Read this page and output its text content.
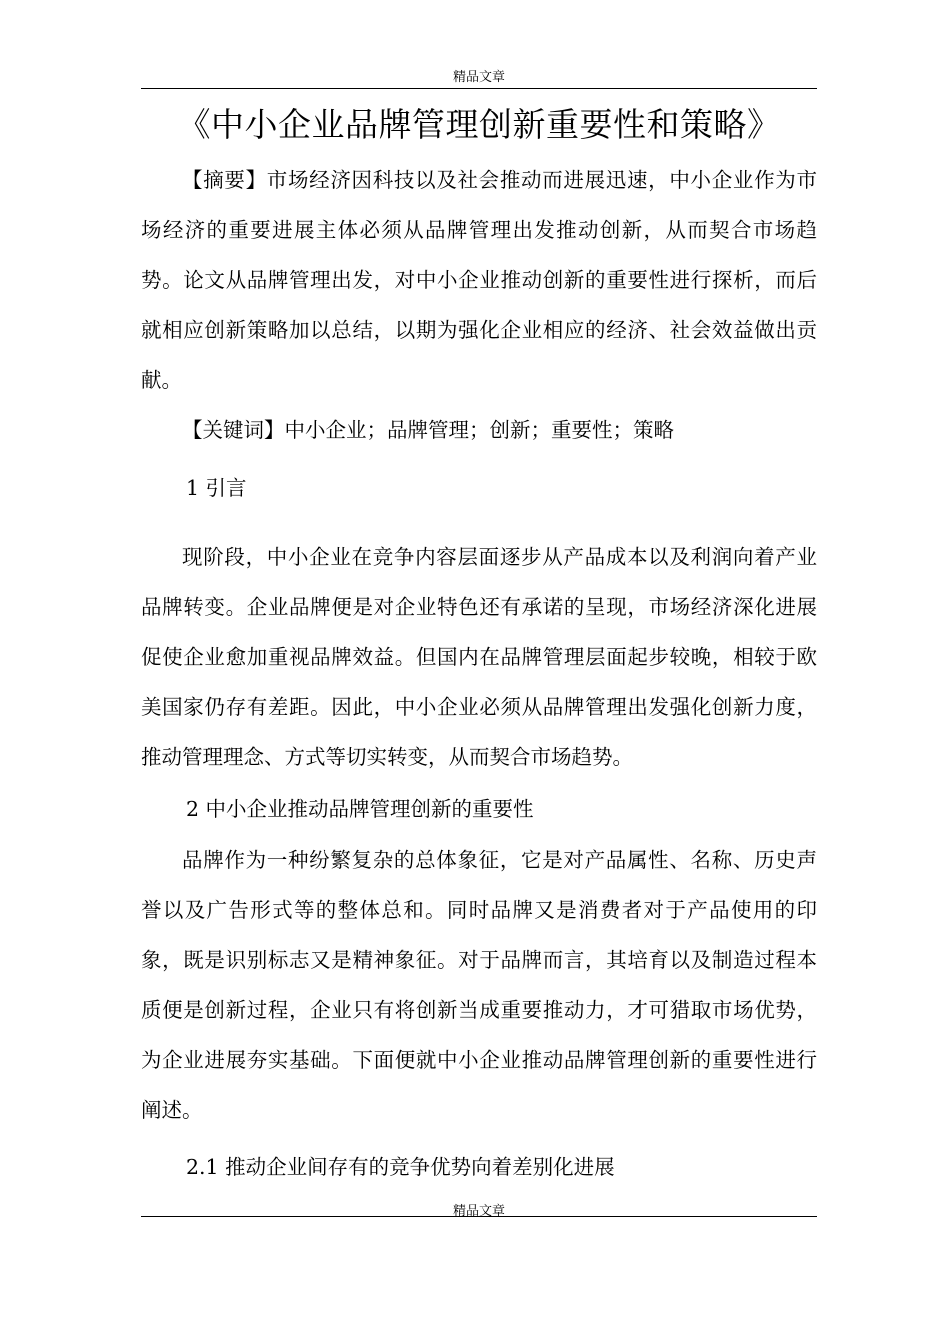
精品文章
《中小企业品牌管理创新重要性和策略》

【摘要】市场经济因科技以及社会推动而进展迅速，中小企业作为市场经济的重要进展主体必须从品牌管理出发推动创新，从而契合市场趋势。论文从品牌管理出发，对中小企业推动创新的重要性进行探析，而后就相应创新策略加以总结，以期为强化企业相应的经济、社会效益做出贡献。

【关键词】中小企业；品牌管理；创新；重要性；策略

1 引言

现阶段，中小企业在竞争内容层面逐步从产品成本以及利润向着产业品牌转变。企业品牌便是对企业特色还有承诺的呈现，市场经济深化进展促使企业愈加重视品牌效益。但国内在品牌管理层面起步较晚，相较于欧美国家仍存有差距。因此，中小企业必须从品牌管理出发强化创新力度，推动管理理念、方式等切实转变，从而契合市场趋势。

2 中小企业推动品牌管理创新的重要性

品牌作为一种纷繁复杂的总体象征，它是对产品属性、名称、历史声誉以及广告形式等的整体总和。同时品牌又是消费者对于产品使用的印象，既是识别标志又是精神象征。对于品牌而言，其培育以及制造过程本质便是创新过程，企业只有将创新当成重要推动力，才可猎取市场优势，为企业进展夯实基础。下面便就中小企业推动品牌管理创新的重要性进行阐述。

2.1 推动企业间存有的竞争优势向着差别化进展
精品文章
